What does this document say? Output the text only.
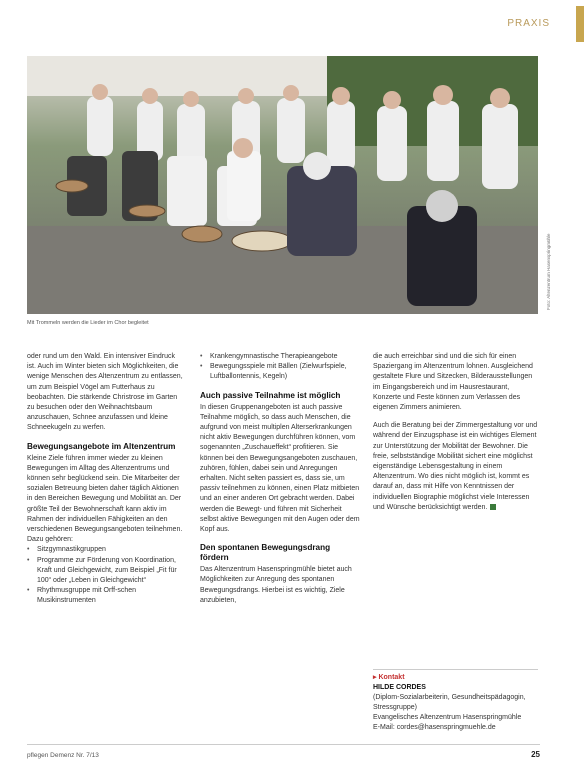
PRAXIS
Foto: Altenzentrum Hasenspringmühle
Mit Trommeln werden die Lieder im Chor begleitet

oder rund um den Wald. Ein intensiver Eindruck ist. Auch im Winter bieten sich Möglichkeiten, die wenige Menschen des Altenzentrum zu entlassen, um zum Beispiel Vögel am Futterhaus zu beobachten. Die stärkende Christrose im Garten zu besuchen oder den Weihnachtsbaum anzuschauen, Schnee anzufassen und kleine Schneekugeln zu werfen.

Bewegungsangebote im Altenzentrum

Kleine Ziele führen immer wieder zu kleinen Bewegungen im Alltag des Altenzentrums und können sehr beglückend sein. Die Mitarbeiter der sozialen Betreuung bieten daher täglich Aktionen in den Bereichen Bewegung und Mobilität an. Der größte Teil der Bewohnerschaft kann aktiv im Rahmen der individuellen Fähigkeiten an den verschiedenen Bewegungsangeboten teilnehmen. Dazu gehören:

• Sitzgymnastikgruppen
• Programme zur Förderung von Koordination, Kraft und Gleichgewicht, zum Beispiel „Fit für 100“ oder „Leben in Gleichgewicht“
• Rhythmusgruppe mit Orff-schen Musikinstrumenten
• Krankengymnastische Therapieangebote
• Bewegungsspiele mit Bällen (Zielwurfspiele, Luftballontennis, Kegeln)
Auch passive Teilnahme ist möglich

In diesen Gruppenangeboten ist auch passive Teilnahme möglich, so dass auch Menschen, die aufgrund von meist multiplen Alterserkrankungen nicht aktiv Bewegungen durchführen können, vom sogenannten „Zuschaueffekt“ profitieren. Sie können bei den Bewegungsangeboten zuschauen, zuhören, fühlen, dabei sein und Anregungen erhalten. Nicht selten passiert es, dass sie, um passiv teilnehmen zu können, einen Platz mitbieten und an einer anderen Ort gebracht werden. Dabei werden die Bewegt- und führen mit Sicherheit selbst aktive Bewegungen mit den Augen oder dem Kopf aus.

Den spontanen Bewegungsdrang fördern

Das Altenzentrum Hasenspringmühle bietet auch Möglichkeiten zur Anregung des spontanen Bewegungsdrangs. Hierbei ist es wichtig, Ziele anzubieten,

die auch erreichbar sind und die sich für einen Spaziergang im Altenzentrum lohnen. Ausgleichend gestaltete Flure und Sitzecken, Bilderausstellungen im Eingangsbereich und im Hausrestaurant, Konzerte und Feste können zum Verlassen des eigenen Zimmers animieren.

Auch die Beratung bei der Zimmergestaltung vor und während der Einzugsphase ist ein wichtiges Element zur Unterstützung der Mobilität der Bewohner. Die freie, selbstständige Mobilität sichert eine möglichst eigenständige Lebensgestaltung in einem Altenzentrum. Wo dies nicht möglich ist, kommt es darauf an, dass mit Hilfe von Kenntnissen der individuellen Biographie möglichst viele Interessen und Wünsche berücksichtigt werden.

▸ Kontakt
HILDE CORDES
(Diplom-Sozialarbeiterin, Gesundheitspädagogin, Stressgruppe)
Evangelisches Altenzentrum Hasenspringmühle
E-Mail: cordes@hasenspringmuehle.de
pflegen Demenz Nr. 7/13	25
